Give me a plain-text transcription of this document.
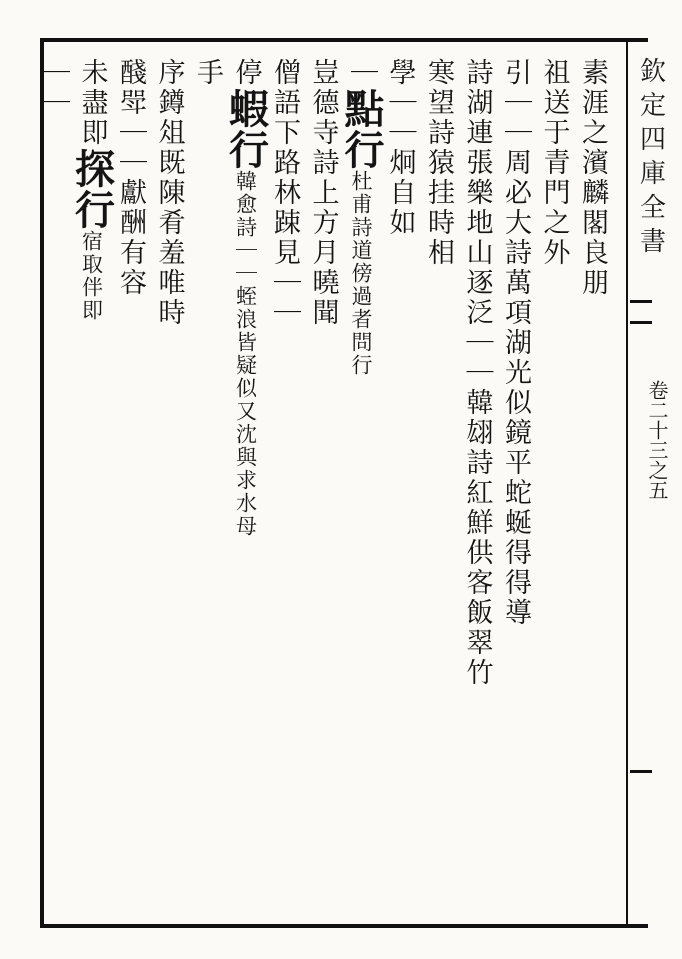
欽
定
四
庫
全
書
卷二十三之五
素涯之濱麟閣良朋
祖送于青門之外
引｜｜周必大詩萬項湖光似鏡平蛇蜒得得導
詩湖連張樂地山逐泛｜｜韓翃詩紅鮮供客飯翠竹
寒望詩猿挂時相
學｜｜炯自如
｜點行杜甫詩道傍過者問行
豈德寺詩上方月曉聞
僧語下路林踈見｜｜
停蝦行韓愈詩｜｜蛭浪皆疑似又沈與求水母
手
序鐏俎既陳肴羞唯時
醆斝｜｜獻酬有容
未盡即探行宿取伴即
｜｜
